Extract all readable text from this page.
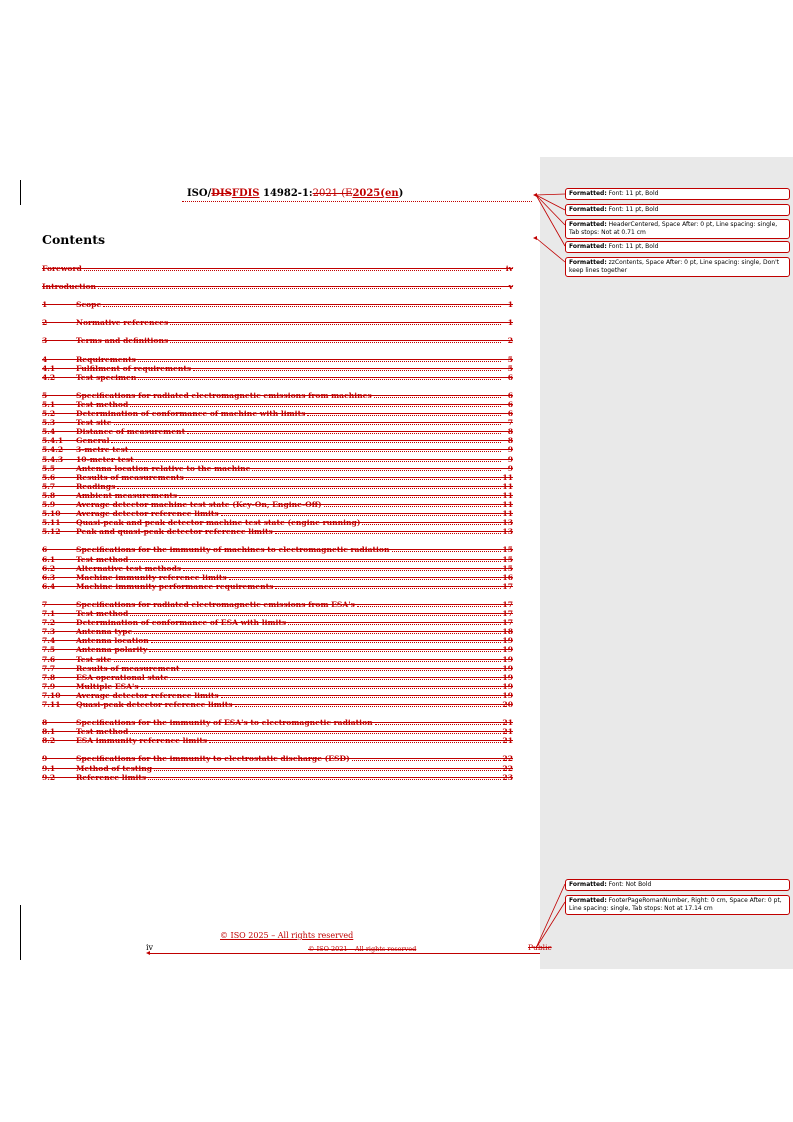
ISO/DISFDIS 14982-1:2021 (E2025(en)
Contents
Foreword	iv
Introduction	v
1	Scope	1
2	Normative references	1
3	Terms and definitions	2
4	Requirements	5
4.1	Fulfilment of requirements	5
4.2	Test specimen	6
5	Specifications for radiated electromagnetic emissions from machines	6
5.1	Test method	6
5.2	Determination of conformance of machine with limits	6
5.3	Test site	7
5.4	Distance of measurement	8
5.4.1 General	8
5.4.2 3-metre test	9
5.4.3 10-meter test	9
5.5	Antenna location relative to the machine	9
5.6	Results of measurements	11
5.7	Readings	11
5.8	Ambient measurements	11
5.9	Average detector machine test state (Key-On, Engine-Off)	11
5.10 Average detector reference limits	11
5.11 Quasi-peak and peak detector machine test state (engine running)	13
5.12 Peak and quasi-peak detector reference limits	13
6	Specifications for the immunity of machines to electromagnetic radiation	15
6.1	Test method	15
6.2	Alternative test methods	15
6.3	Machine immunity reference limits	16
6.4	Machine immunity performance requirements	17
7	Specifications for radiated electromagnetic emissions from ESA's	17
7.1	Test method	17
7.2	Determination of conformance of ESA with limits	17
7.3	Antenna type	18
7.4	Antenna location	19
7.5	Antenna polarity	19
7.6	Test site	19
7.7	Results of measurement	19
7.8	ESA operational state	19
7.9	Multiple ESA's	19
7.10 Average detector reference limits	19
7.11 Quasi-peak detector reference limits	20
8	Specifications for the immunity of ESA's to electromagnetic radiation	21
8.1	Test method	21
8.2	ESA immunity reference limits	21
9	Specifications for the immunity to electrostatic discharge (ESD)	22
9.1	Method of testing	22
9.2	Reference limits	23
Formatted: Font: 11 pt, Bold
Formatted: Font: 11 pt, Bold
Formatted: HeaderCentered, Space After: 0 pt, Line spacing: single, Tab stops: Not at 0.71 cm
Formatted: Font: 11 pt, Bold
Formatted: zzContents, Space After: 0 pt, Line spacing: single, Don't keep lines together
Formatted: Font: Not Bold
Formatted: FooterPageRomanNumber, Right: 0 cm, Space After: 0 pt, Line spacing: single, Tab stops: Not at 17.14 cm
© ISO 2025 – All rights reserved
iv	© ISO 2021 – All rights reserved	Public
